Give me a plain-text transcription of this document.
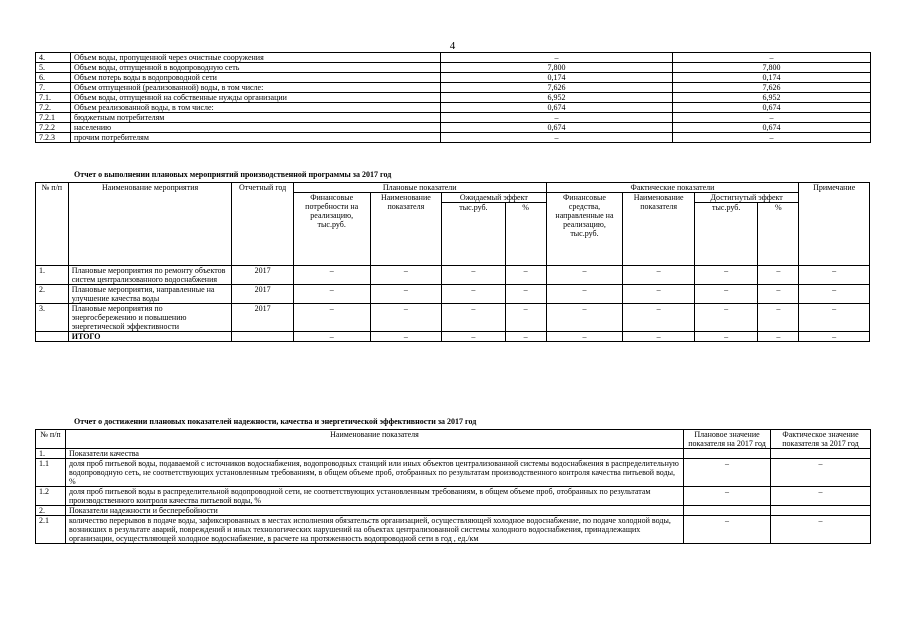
4
4.	Объем воды, пропущенной через очистные сооружения	–	–
5.	Объем воды, отпущенной в водопроводную сеть	7,800	7,800
6.	Объем потерь воды в водопроводной сети	0,174	0,174
7.	Объем отпущенной (реализованной) воды, в том числе:	7,626	7,626
7.1.	Объем воды, отпущенной на собственные нужды организации	6,952	6,952
7.2.	Объем реализованной воды, в том числе:	0,674	0,674
7.2.1	бюджетным потребителям	–	–
7.2.2	населению	0,674	0,674
7.2.3	прочим потребителям	–	–
Отчет о выполнении плановых мероприятий производственной программы за 2017 год
№ п/п	Наименование мероприятия	Отчетный год	Плановые показатели				Фактические показатели				Примечание
			Финансовые потребности на реализацию, тыс.руб.	Наименование показателя	Ожидаемый эффект		Финансовые средства, направленные на реализацию, тыс.руб.	Наименование показателя	Достигнутый эффект		
					тыс.руб.	%			тыс.руб.	%	
1.	Плановые мероприятия по ремонту объектов систем централизованного водоснабжения	2017	–	–	–	–	–	–	–	–	–
2.	Плановые мероприятия, направленные на улучшение качества воды	2017	–	–	–	–	–	–	–	–	–
3.	Плановые мероприятия по энергосбережению и повышению энергетической эффективности	2017	–	–	–	–	–	–	–	–	–
	ИТОГО		–	–	–	–	–	–	–	–	–
Отчет о достижении плановых показателей надежности, качества и энергетической эффективности за 2017 год
№ п/п	Наименование показателя	Плановое значение показателя на 2017 год	Фактическое значение показателя за 2017 год
1.	Показатели качества		
1.1	доля проб питьевой воды, подаваемой с источников водоснабжения, водопроводных станций или иных объектов централизованной системы водоснабжения в распределительную водопроводную сеть, не соответствующих установленным требованиям, в общем объеме проб, отобранных по результатам производственного контроля качества питьевой воды, %	–	–
1.2	доля проб питьевой воды в распределительной водопроводной сети, не соответствующих установленным требованиям, в общем объеме проб, отобранных по результатам производственного контроля качества питьевой воды, %	–	–
2.	Показатели надежности и бесперебойности		
2.1	количество перерывов в подаче воды, зафиксированных в местах исполнения обязательств организацией, осуществляющей холодное водоснабжение, по подаче холодной воды, возникших в результате аварий, повреждений и иных технологических нарушений на объектах централизованной системы холодного водоснабжения, принадлежащих организации, осуществляющей холодное водоснабжение, в расчете на протяженность водопроводной сети в год , ед./км	–	–
